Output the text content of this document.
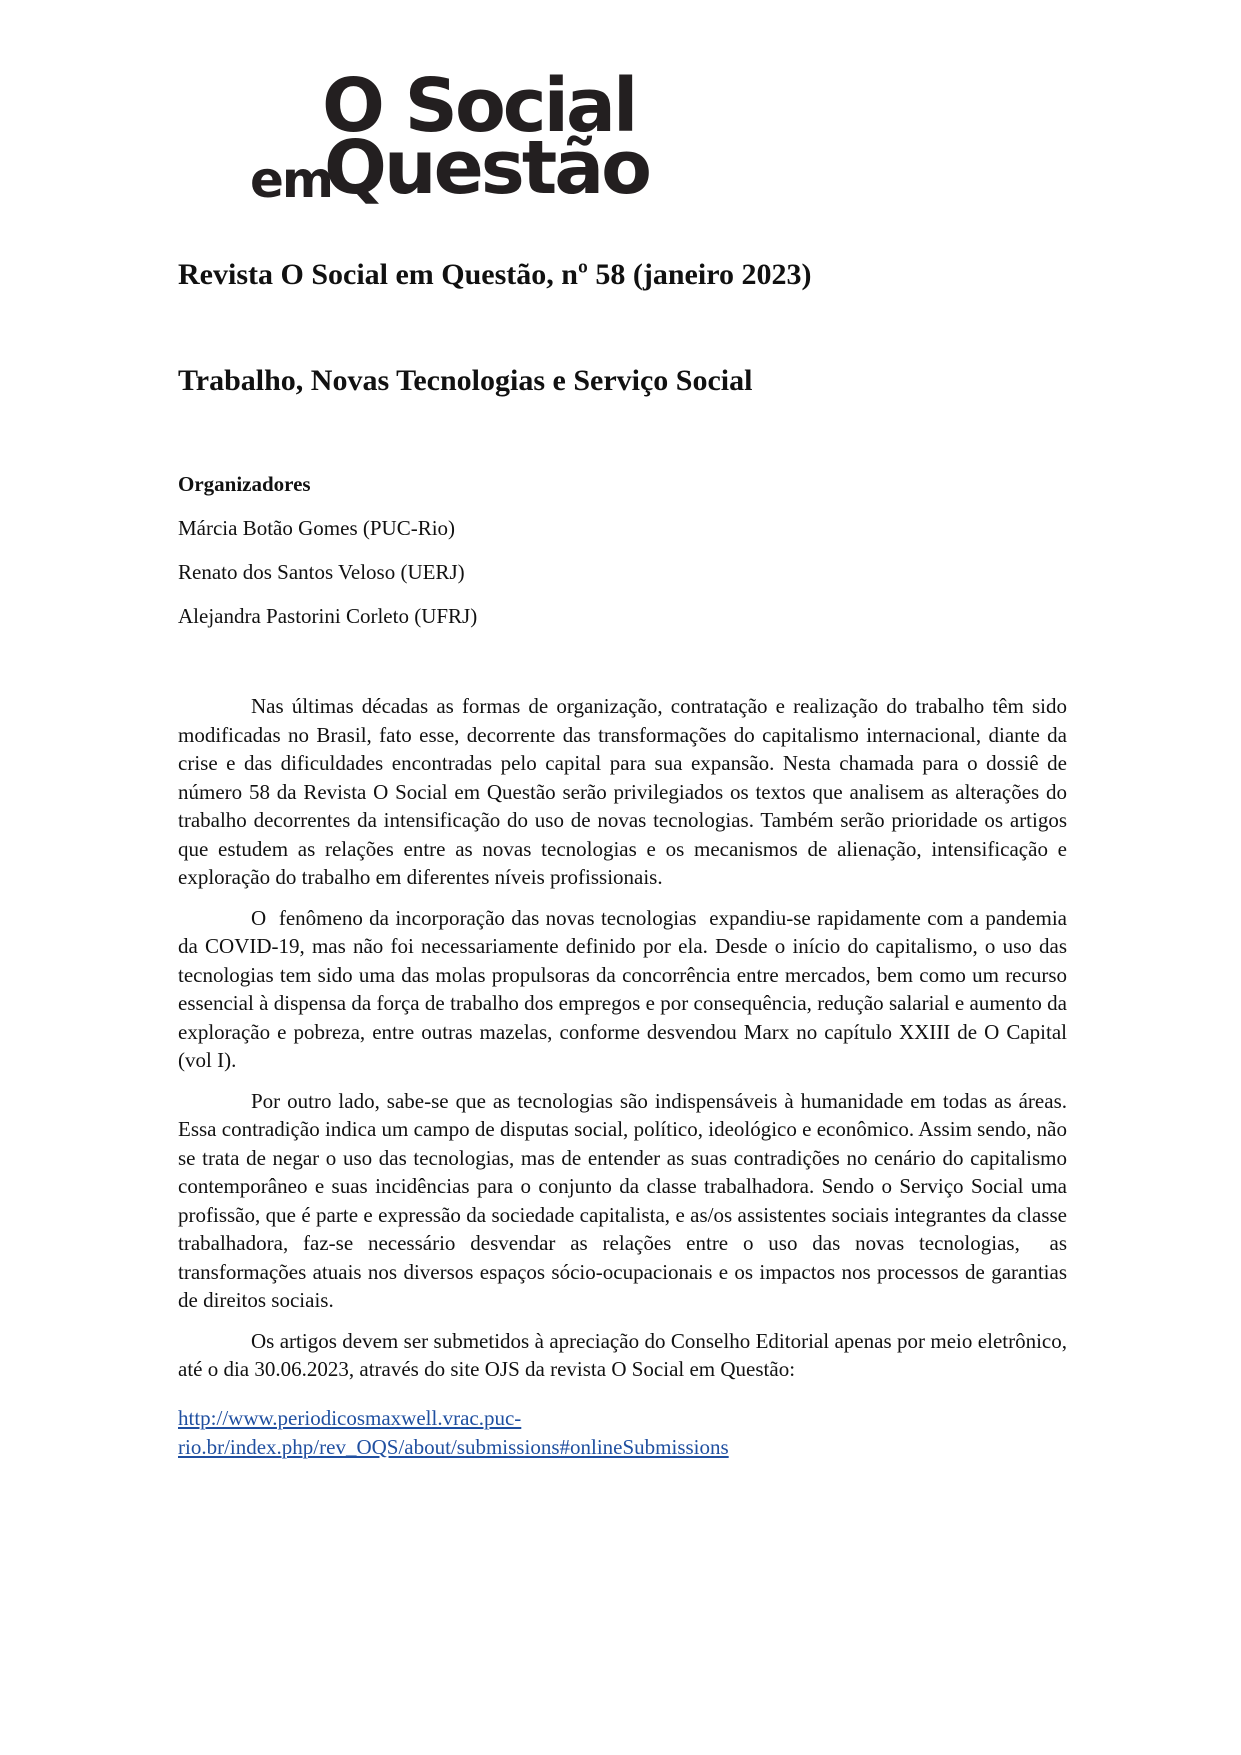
O Social
em
Questão
Revista O Social em Questão, nº 58 (janeiro 2023)
Trabalho, Novas Tecnologias e Serviço Social
Organizadores
Márcia Botão Gomes (PUC-Rio)
Renato dos Santos Veloso (UERJ)
Alejandra Pastorini Corleto (UFRJ)

Nas últimas décadas as formas de organização, contratação e realização do trabalho têm sido modificadas no Brasil, fato esse, decorrente das transformações do capitalismo internacional, diante da crise e das dificuldades encontradas pelo capital para sua expansão. Nesta chamada para o dossiê de número 58 da Revista O Social em Questão serão privilegiados os textos que analisem as alterações do trabalho decorrentes da intensificação do uso de novas tecnologias. Também serão prioridade os artigos que estudem as relações entre as novas tecnologias e os mecanismos de alienação, intensificação e exploração do trabalho em diferentes níveis profissionais.

O  fenômeno da incorporação das novas tecnologias  expandiu-se rapidamente com a pandemia da COVID-19, mas não foi necessariamente definido por ela. Desde o início do capitalismo, o uso das tecnologias tem sido uma das molas propulsoras da concorrência entre mercados, bem como um recurso essencial à dispensa da força de trabalho dos empregos e por consequência, redução salarial e aumento da exploração e pobreza, entre outras mazelas, conforme desvendou Marx no capítulo XXIII de O Capital (vol I).

Por outro lado, sabe-se que as tecnologias são indispensáveis à humanidade em todas as áreas. Essa contradição indica um campo de disputas social, político, ideológico e econômico. Assim sendo, não se trata de negar o uso das tecnologias, mas de entender as suas contradições no cenário do capitalismo contemporâneo e suas incidências para o conjunto da classe trabalhadora. Sendo o Serviço Social uma profissão, que é parte e expressão da sociedade capitalista, e as/os assistentes sociais integrantes da classe trabalhadora, faz-se necessário desvendar as relações entre o uso das novas tecnologias,  as transformações atuais nos diversos espaços sócio-ocupacionais e os impactos nos processos de garantias de direitos sociais.

Os artigos devem ser submetidos à apreciação do Conselho Editorial apenas por meio eletrônico, até o dia 30.06.2023, através do site OJS da revista O Social em Questão:

http://www.periodicosmaxwell.vrac.puc-
rio.br/index.php/rev_OQS/about/submissions#onlineSubmissions
